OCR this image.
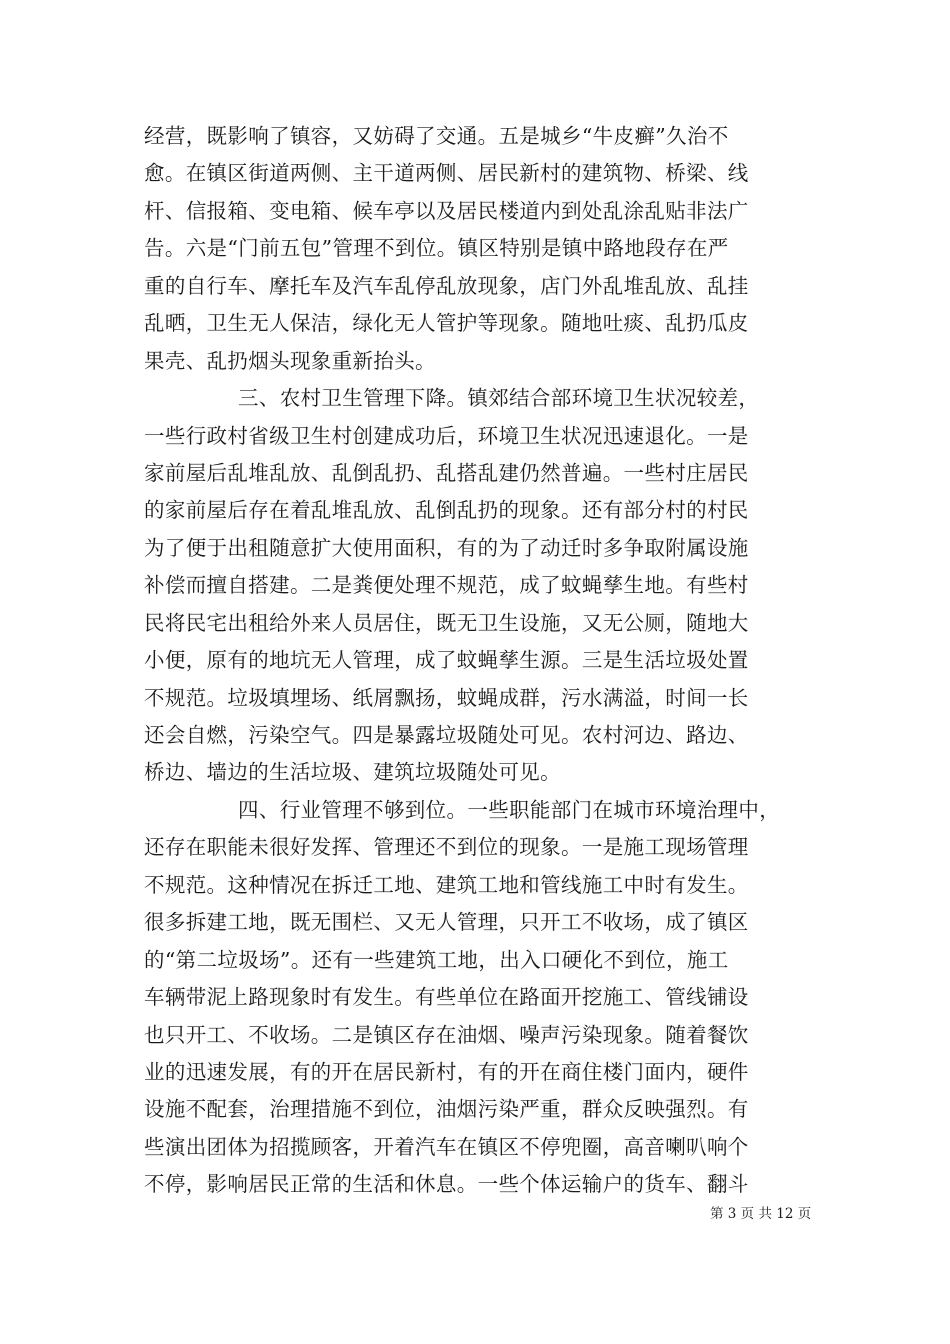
经营，既影响了镇容，又妨碍了交通。五是城乡“牛皮癣”久治不
愈。在镇区街道两侧、主干道两侧、居民新村的建筑物、桥梁、线
杆、信报箱、变电箱、候车亭以及居民楼道内到处乱涂乱贴非法广
告。六是“门前五包”管理不到位。镇区特别是镇中路地段存在严
重的自行车、摩托车及汽车乱停乱放现象，店门外乱堆乱放、乱挂
乱晒，卫生无人保洁，绿化无人管护等现象。随地吐痰、乱扔瓜皮
果壳、乱扔烟头现象重新抬头。
三、农村卫生管理下降。镇郊结合部环境卫生状况较差，
一些行政村省级卫生村创建成功后，环境卫生状况迅速退化。一是
家前屋后乱堆乱放、乱倒乱扔、乱搭乱建仍然普遍。一些村庄居民
的家前屋后存在着乱堆乱放、乱倒乱扔的现象。还有部分村的村民
为了便于出租随意扩大使用面积，有的为了动迁时多争取附属设施
补偿而擅自搭建。二是粪便处理不规范，成了蚊蝇孳生地。有些村
民将民宅出租给外来人员居住，既无卫生设施，又无公厕，随地大
小便，原有的地坑无人管理，成了蚊蝇孳生源。三是生活垃圾处置
不规范。垃圾填埋场、纸屑飘扬，蚊蝇成群，污水满溢，时间一长
还会自燃，污染空气。四是暴露垃圾随处可见。农村河边、路边、
桥边、墙边的生活垃圾、建筑垃圾随处可见。
四、行业管理不够到位。一些职能部门在城市环境治理中，
还存在职能未很好发挥、管理还不到位的现象。一是施工现场管理
不规范。这种情况在拆迁工地、建筑工地和管线施工中时有发生。
很多拆建工地，既无围栏、又无人管理，只开工不收场，成了镇区
的“第二垃圾场”。还有一些建筑工地，出入口硬化不到位，施工
车辆带泥上路现象时有发生。有些单位在路面开挖施工、管线铺设
也只开工、不收场。二是镇区存在油烟、噪声污染现象。随着餐饮
业的迅速发展，有的开在居民新村，有的开在商住楼门面内，硬件
设施不配套，治理措施不到位，油烟污染严重，群众反映强烈。有
些演出团体为招揽顾客，开着汽车在镇区不停兜圈，高音喇叭响个
不停，影响居民正常的生活和休息。一些个体运输户的货车、翻斗
第 3 页 共 12 页
